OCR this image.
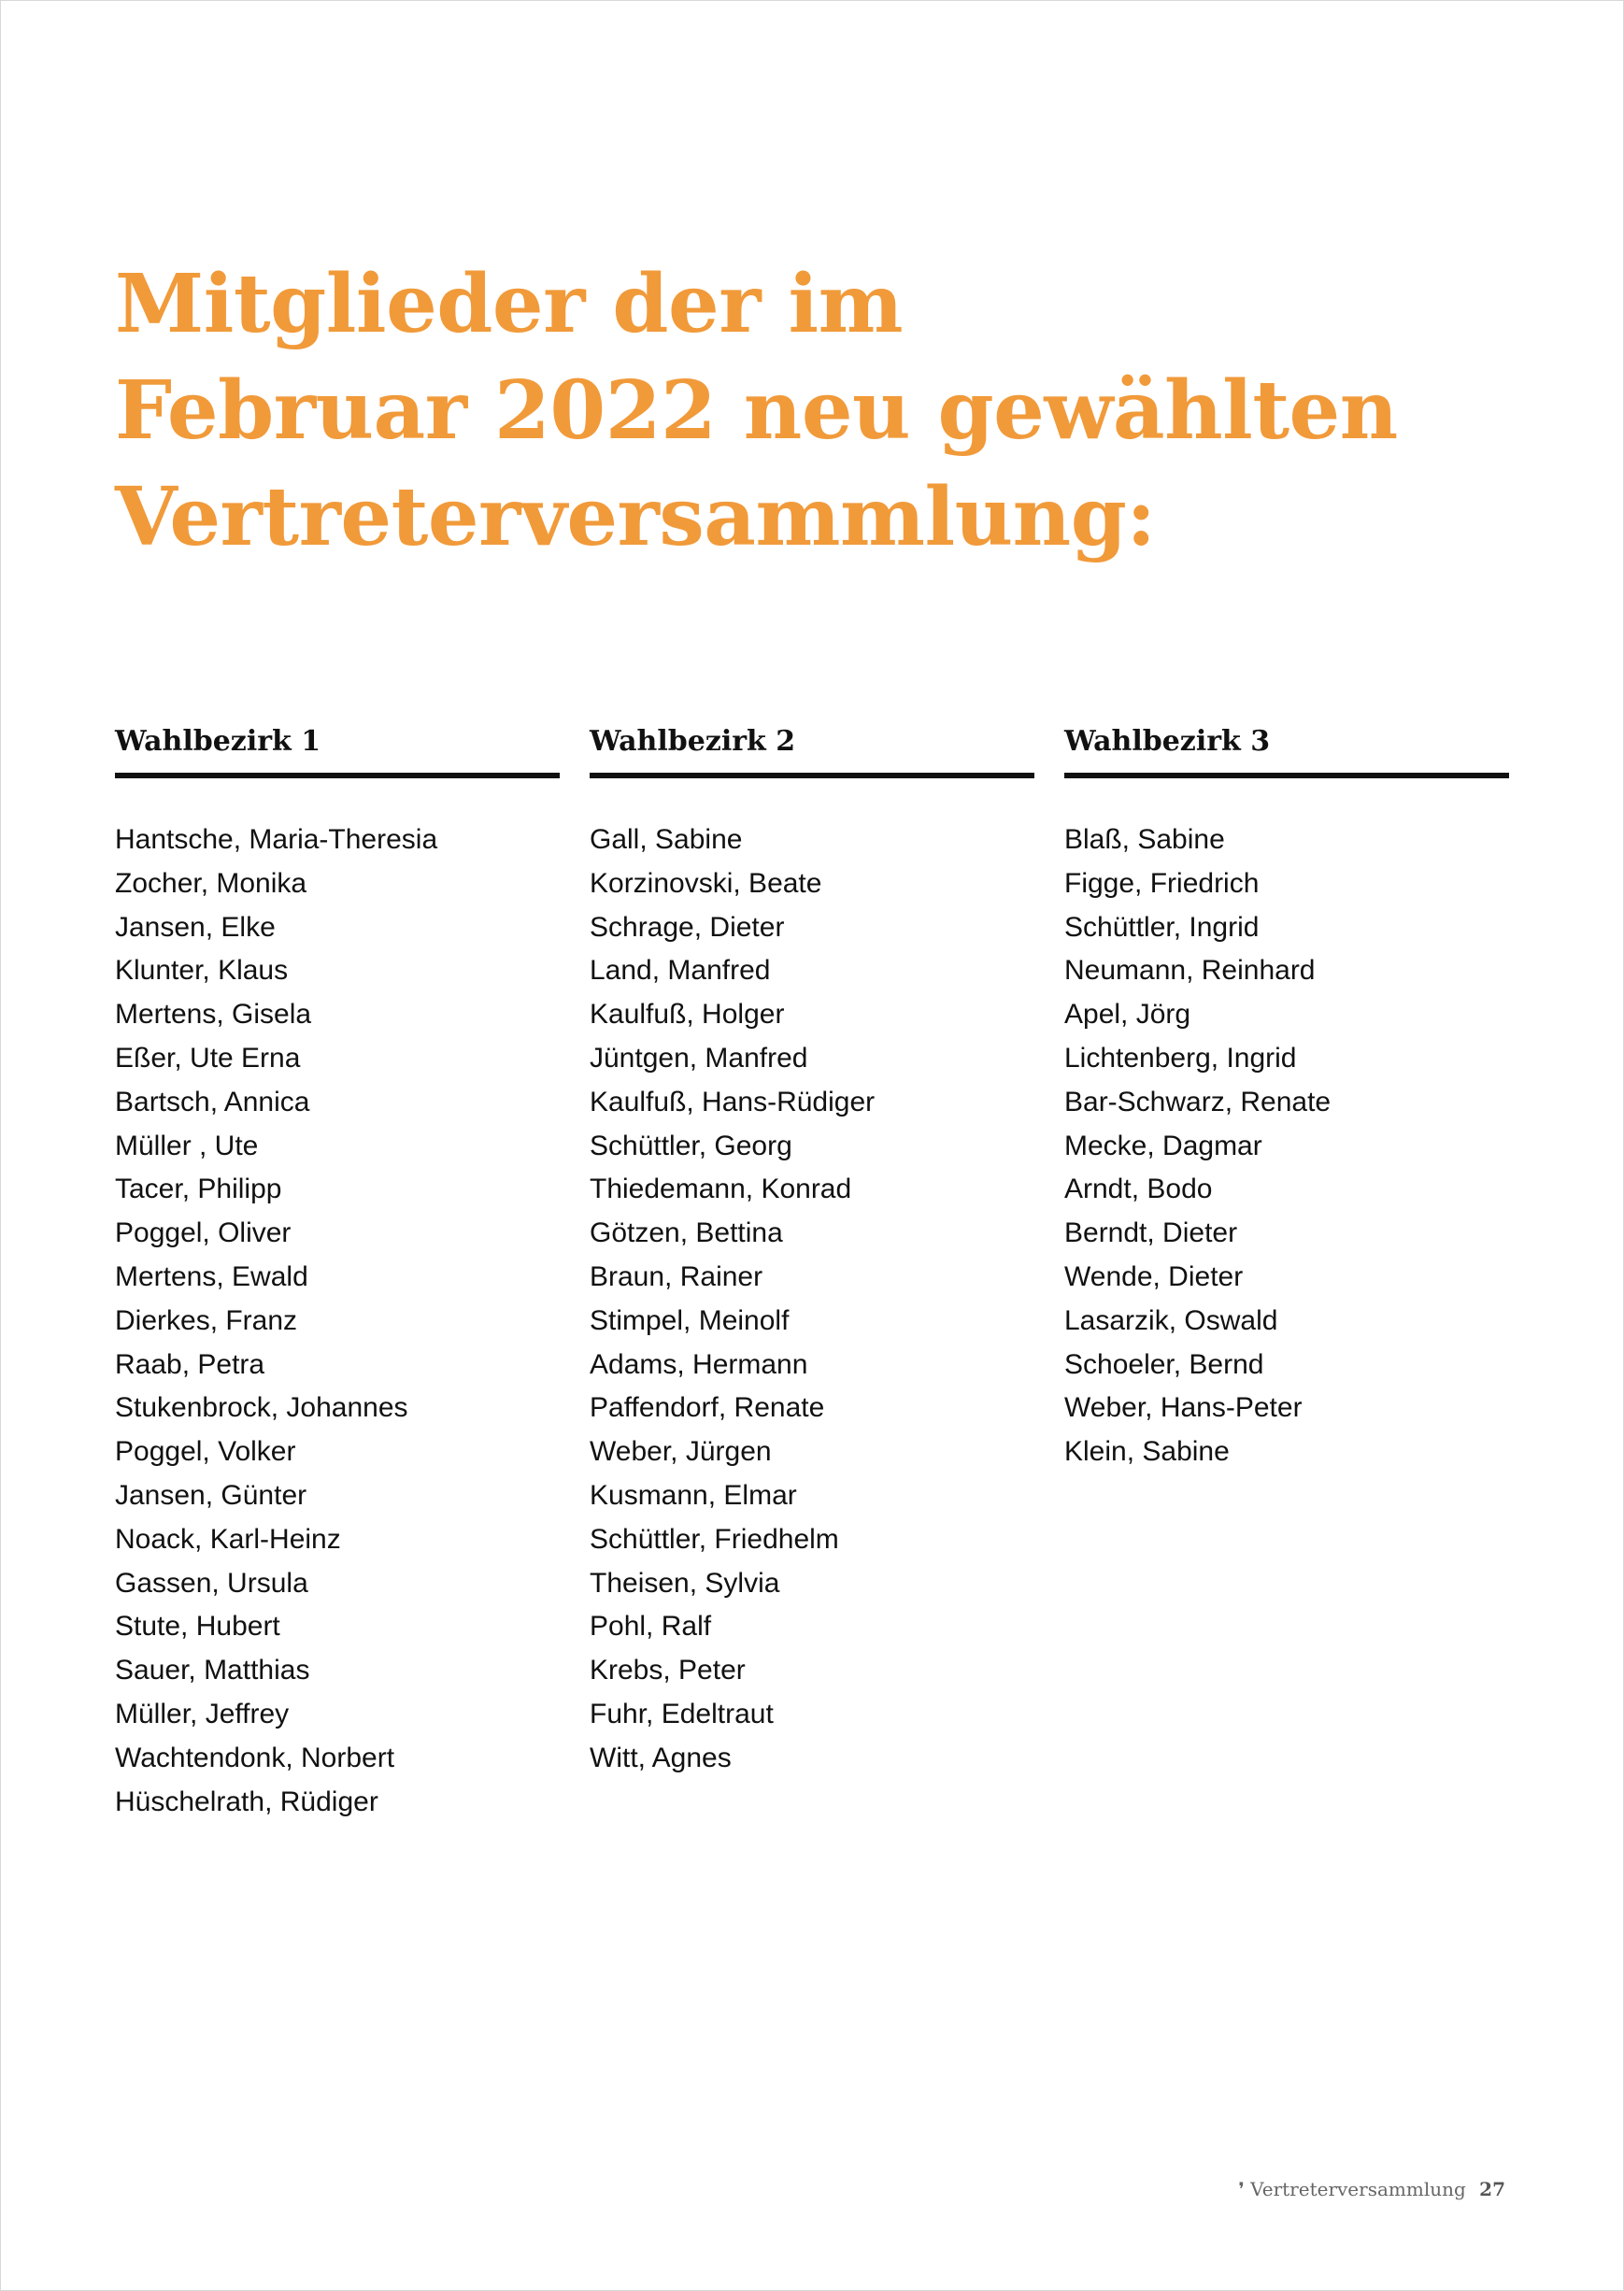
Mitglieder der im
Februar 2022 neu gewählten
Vertreterversammlung:
Wahlbezirk 1
Hantsche, Maria-Theresia
Zocher, Monika
Jansen, Elke
Klunter, Klaus
Mertens, Gisela
Eßer, Ute Erna
Bartsch, Annica
Müller , Ute
Tacer, Philipp
Poggel, Oliver
Mertens, Ewald
Dierkes, Franz
Raab, Petra
Stukenbrock, Johannes
Poggel, Volker
Jansen, Günter
Noack, Karl-Heinz
Gassen, Ursula
Stute, Hubert
Sauer, Matthias
Müller, Jeffrey
Wachtendonk, Norbert
Hüschelrath, Rüdiger
Wahlbezirk 2
Gall, Sabine
Korzinovski, Beate
Schrage, Dieter
Land, Manfred
Kaulfuß, Holger
Jüntgen, Manfred
Kaulfuß, Hans-Rüdiger
Schüttler, Georg
Thiedemann, Konrad
Götzen, Bettina
Braun, Rainer
Stimpel, Meinolf
Adams, Hermann
Paffendorf, Renate
Weber, Jürgen
Kusmann, Elmar
Schüttler, Friedhelm
Theisen, Sylvia
Pohl, Ralf
Krebs, Peter
Fuhr, Edeltraut
Witt, Agnes
Wahlbezirk 3
Blaß, Sabine
Figge, Friedrich
Schüttler, Ingrid
Neumann, Reinhard
Apel, Jörg
Lichtenberg, Ingrid
Bar-Schwarz, Renate
Mecke, Dagmar
Arndt, Bodo
Berndt, Dieter
Wende, Dieter
Lasarzik, Oswald
Schoeler, Bernd
Weber, Hans-Peter
Klein, Sabine
❜ Vertreterversammlung 27
